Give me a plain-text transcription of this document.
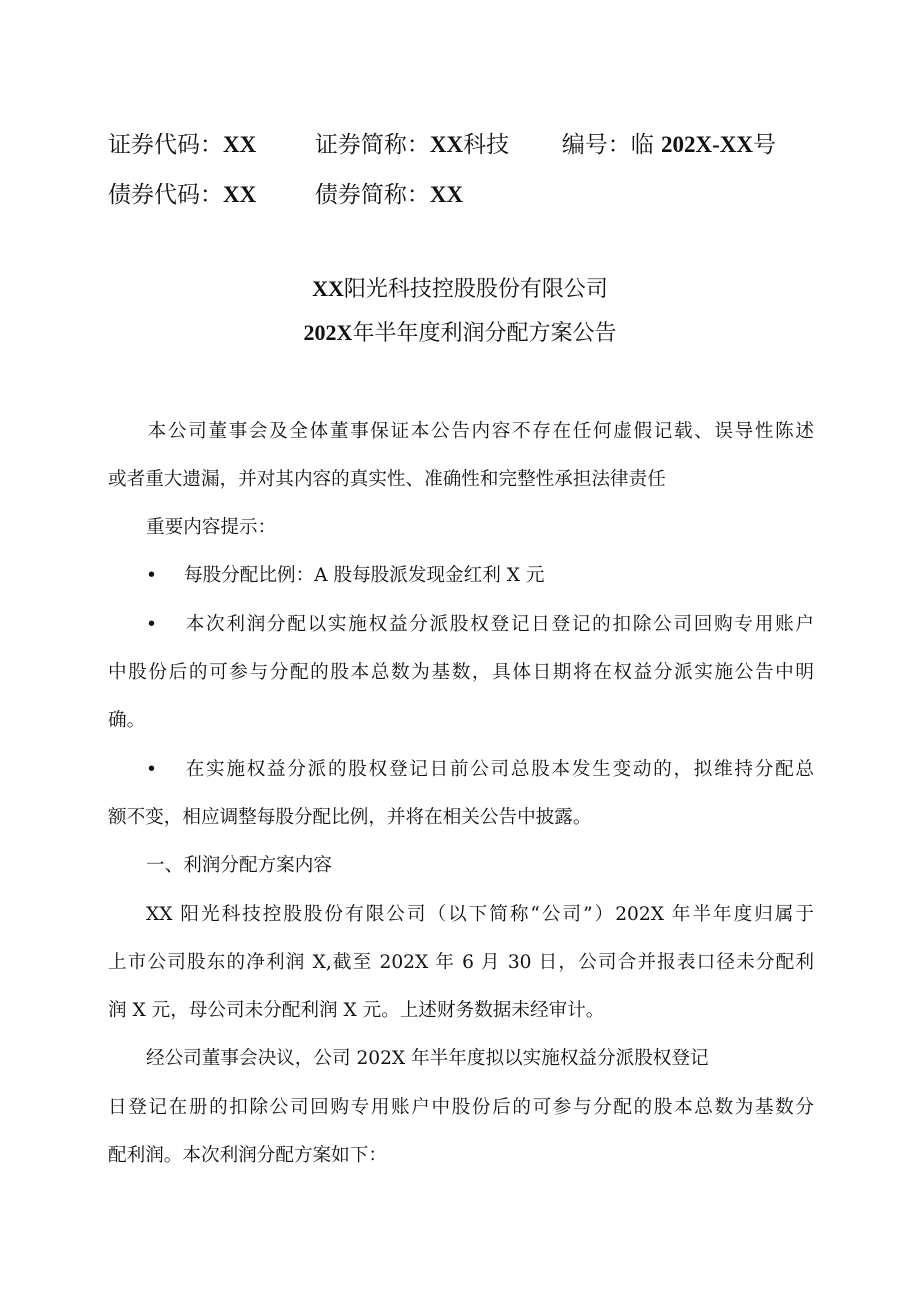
证券代码：XX	证券简称：XX科技 编号：临 202X-XX号
债券代码：XX	债券简称：XX
XX阳光科技控股股份有限公司
202X年半年度利润分配方案公告
本公司董事会及全体董事保证本公告内容不存在任何虚假记载、误导性陈述
或者重大遗漏，并对其内容的真实性、准确性和完整性承担法律责任
重要内容提示：
• 每股分配比例：A 股每股派发现金红利 X 元
• 本次利润分配以实施权益分派股权登记日登记的扣除公司回购专用账户
中股份后的可参与分配的股本总数为基数，具体日期将在权益分派实施公告中明
确。
• 在实施权益分派的股权登记日前公司总股本发生变动的，拟维持分配总
额不变，相应调整每股分配比例，并将在相关公告中披露。
一、利润分配方案内容
XX 阳光科技控股股份有限公司（以下简称“公司”）202X 年半年度归属于
上市公司股东的净利润 X,截至 202X 年 6 月 30 日，公司合并报表口径未分配利
润 X 元，母公司未分配利润 X 元。上述财务数据未经审计。
经公司董事会决议，公司 202X 年半年度拟以实施权益分派股权登记
日登记在册的扣除公司回购专用账户中股份后的可参与分配的股本总数为基数分
配利润。本次利润分配方案如下：
